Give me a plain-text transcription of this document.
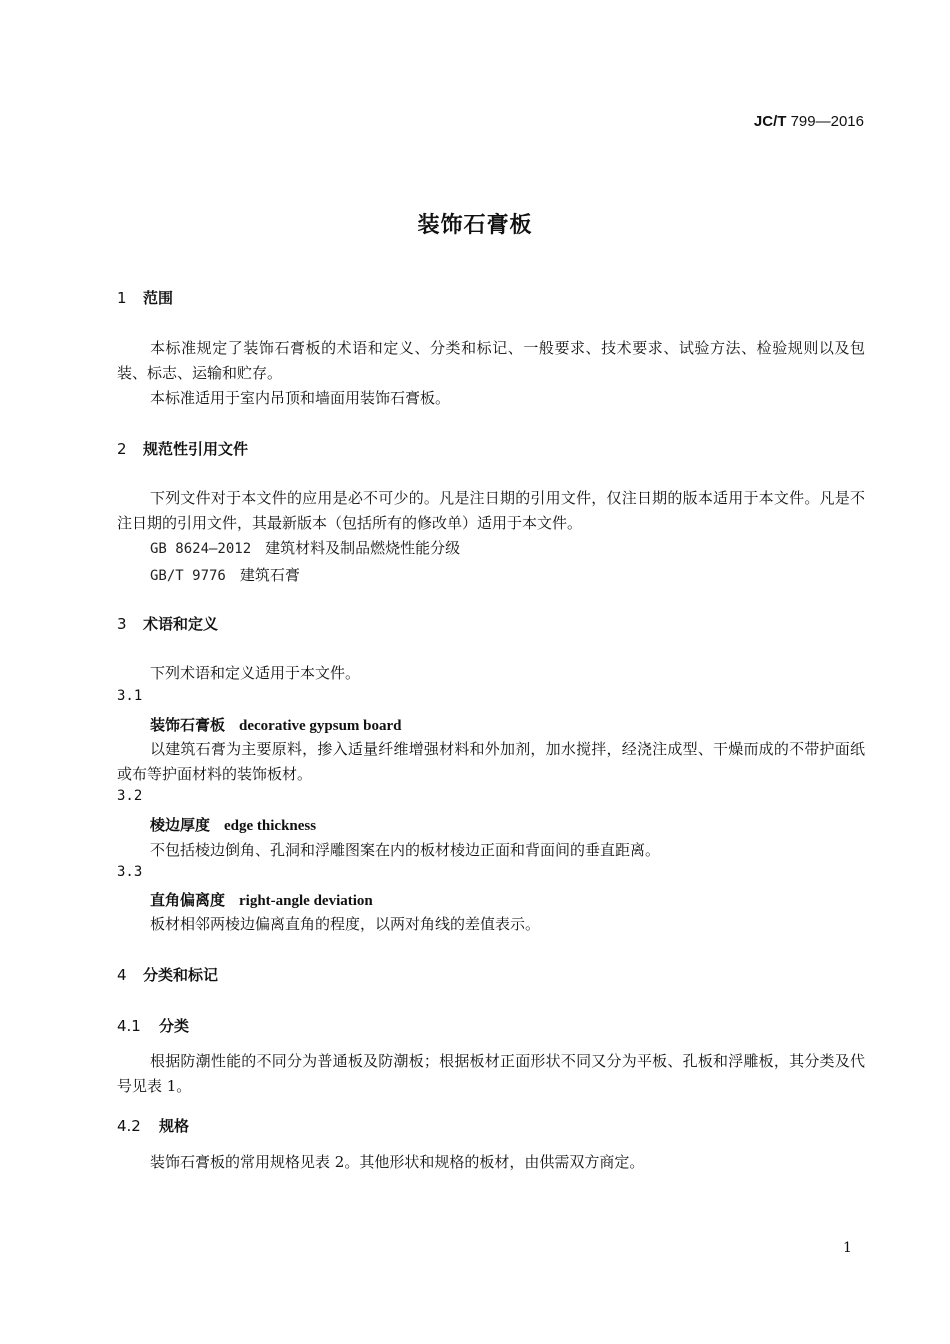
JC/T 799—2016
装饰石膏板
1 范围
本标准规定了装饰石膏板的术语和定义、分类和标记、一般要求、技术要求、试验方法、检验规则以及包装、标志、运输和贮存。
本标准适用于室内吊顶和墙面用装饰石膏板。
2 规范性引用文件
下列文件对于本文件的应用是必不可少的。凡是注日期的引用文件，仅注日期的版本适用于本文件。凡是不注日期的引用文件，其最新版本（包括所有的修改单）适用于本文件。
GB 8624—2012 建筑材料及制品燃烧性能分级
GB/T 9776 建筑石膏
3 术语和定义
下列术语和定义适用于本文件。
3.1
装饰石膏板 decorative gypsum board
以建筑石膏为主要原料，掺入适量纤维增强材料和外加剂，加水搅拌，经浇注成型、干燥而成的不带护面纸或布等护面材料的装饰板材。
3.2
棱边厚度 edge thickness
不包括棱边倒角、孔洞和浮雕图案在内的板材棱边正面和背面间的垂直距离。
3.3
直角偏离度 right-angle deviation
板材相邻两棱边偏离直角的程度，以两对角线的差值表示。
4 分类和标记
4.1 分类
根据防潮性能的不同分为普通板及防潮板；根据板材正面形状不同又分为平板、孔板和浮雕板，其分类及代号见表 1。
4.2 规格
装饰石膏板的常用规格见表 2。其他形状和规格的板材，由供需双方商定。
1
